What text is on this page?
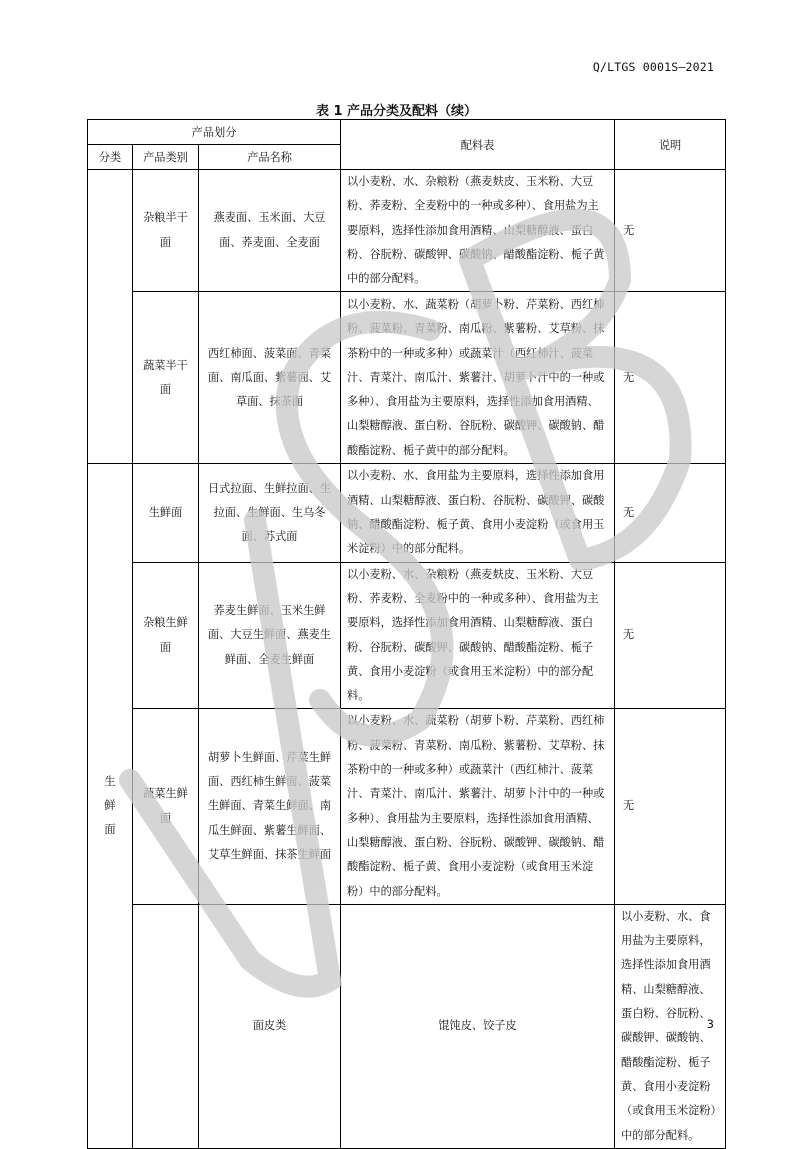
Q/LTGS 0001S—2021
表 1 产品分类及配料（续）
产品划分			配料表	说明	
分类	产品类别	产品名称			

	杂粮半干面	燕麦面、玉米面、大豆面、荞麦面、全麦面	以小麦粉、水、杂粮粉（燕麦麸皮、玉米粉、大豆粉、荞麦粉、全麦粉中的一种或多种）、食用盐为主要原料，选择性添加食用酒精、山梨糖醇液、蛋白粉、谷朊粉、碳酸钾、碳酸钠、醋酸酯淀粉、栀子黄中的部分配料。	无	

	蔬菜半干面	西红柿面、菠菜面、青菜面、南瓜面、紫薯面、艾草面、抹茶面	以小麦粉、水、蔬菜粉（胡萝卜粉、芹菜粉、西红柿粉、菠菜粉、青菜粉、南瓜粉、紫薯粉、艾草粉、抹茶粉中的一种或多种）或蔬菜汁（西红柿汁、菠菜汁、青菜汁、南瓜汁、紫薯汁、胡萝卜汁中的一种或多种）、食用盐为主要原料，选择性添加食用酒精、山梨糖醇液、蛋白粉、谷朊粉、碳酸钾、碳酸钠、醋酸酯淀粉、栀子黄中的部分配料。	无	

生鲜面	生鲜面	日式拉面、生鲜拉面、生拉面、生鲜面、生乌冬面、苏式面	以小麦粉、水、食用盐为主要原料，选择性添加食用酒精、山梨糖醇液、蛋白粉、谷朊粉、碳酸钾、碳酸钠、醋酸酯淀粉、栀子黄、食用小麦淀粉（或食用玉米淀粉）中的部分配料。	无	

	杂粮生鲜面	荞麦生鲜面、玉米生鲜面、大豆生鲜面、燕麦生鲜面、全麦生鲜面	以小麦粉、水、杂粮粉（燕麦麸皮、玉米粉、大豆粉、荞麦粉、全麦粉中的一种或多种）、食用盐为主要原料，选择性添加食用酒精、山梨糖醇液、蛋白粉、谷朊粉、碳酸钾、碳酸钠、醋酸酯淀粉、栀子黄、食用小麦淀粉（或食用玉米淀粉）中的部分配料。	无	

	蔬菜生鲜面	胡萝卜生鲜面、芹菜生鲜面、西红柿生鲜面、菠菜生鲜面、青菜生鲜面、南瓜生鲜面、紫薯生鲜面、艾草生鲜面、抹茶生鲜面	以小麦粉、水、蔬菜粉（胡萝卜粉、芹菜粉、西红柿粉、菠菜粉、青菜粉、南瓜粉、紫薯粉、艾草粉、抹茶粉中的一种或多种）或蔬菜汁（西红柿汁、菠菜汁、青菜汁、南瓜汁、紫薯汁、胡萝卜汁中的一种或多种）、食用盐为主要原料，选择性添加食用酒精、山梨糖醇液、蛋白粉、谷朊粉、碳酸钾、碳酸钠、醋酸酯淀粉、栀子黄、食用小麦淀粉（或食用玉米淀粉）中的部分配料。	无	
		面皮类	馄饨皮、饺子皮	以小麦粉、水、食用盐为主要原料，选择性添加食用酒精、山梨糖醇液、蛋白粉、谷朊粉、碳酸钾、碳酸钠、醋酸酯淀粉、栀子黄、食用小麦淀粉（或食用玉米淀粉）中的部分配料。	
3
